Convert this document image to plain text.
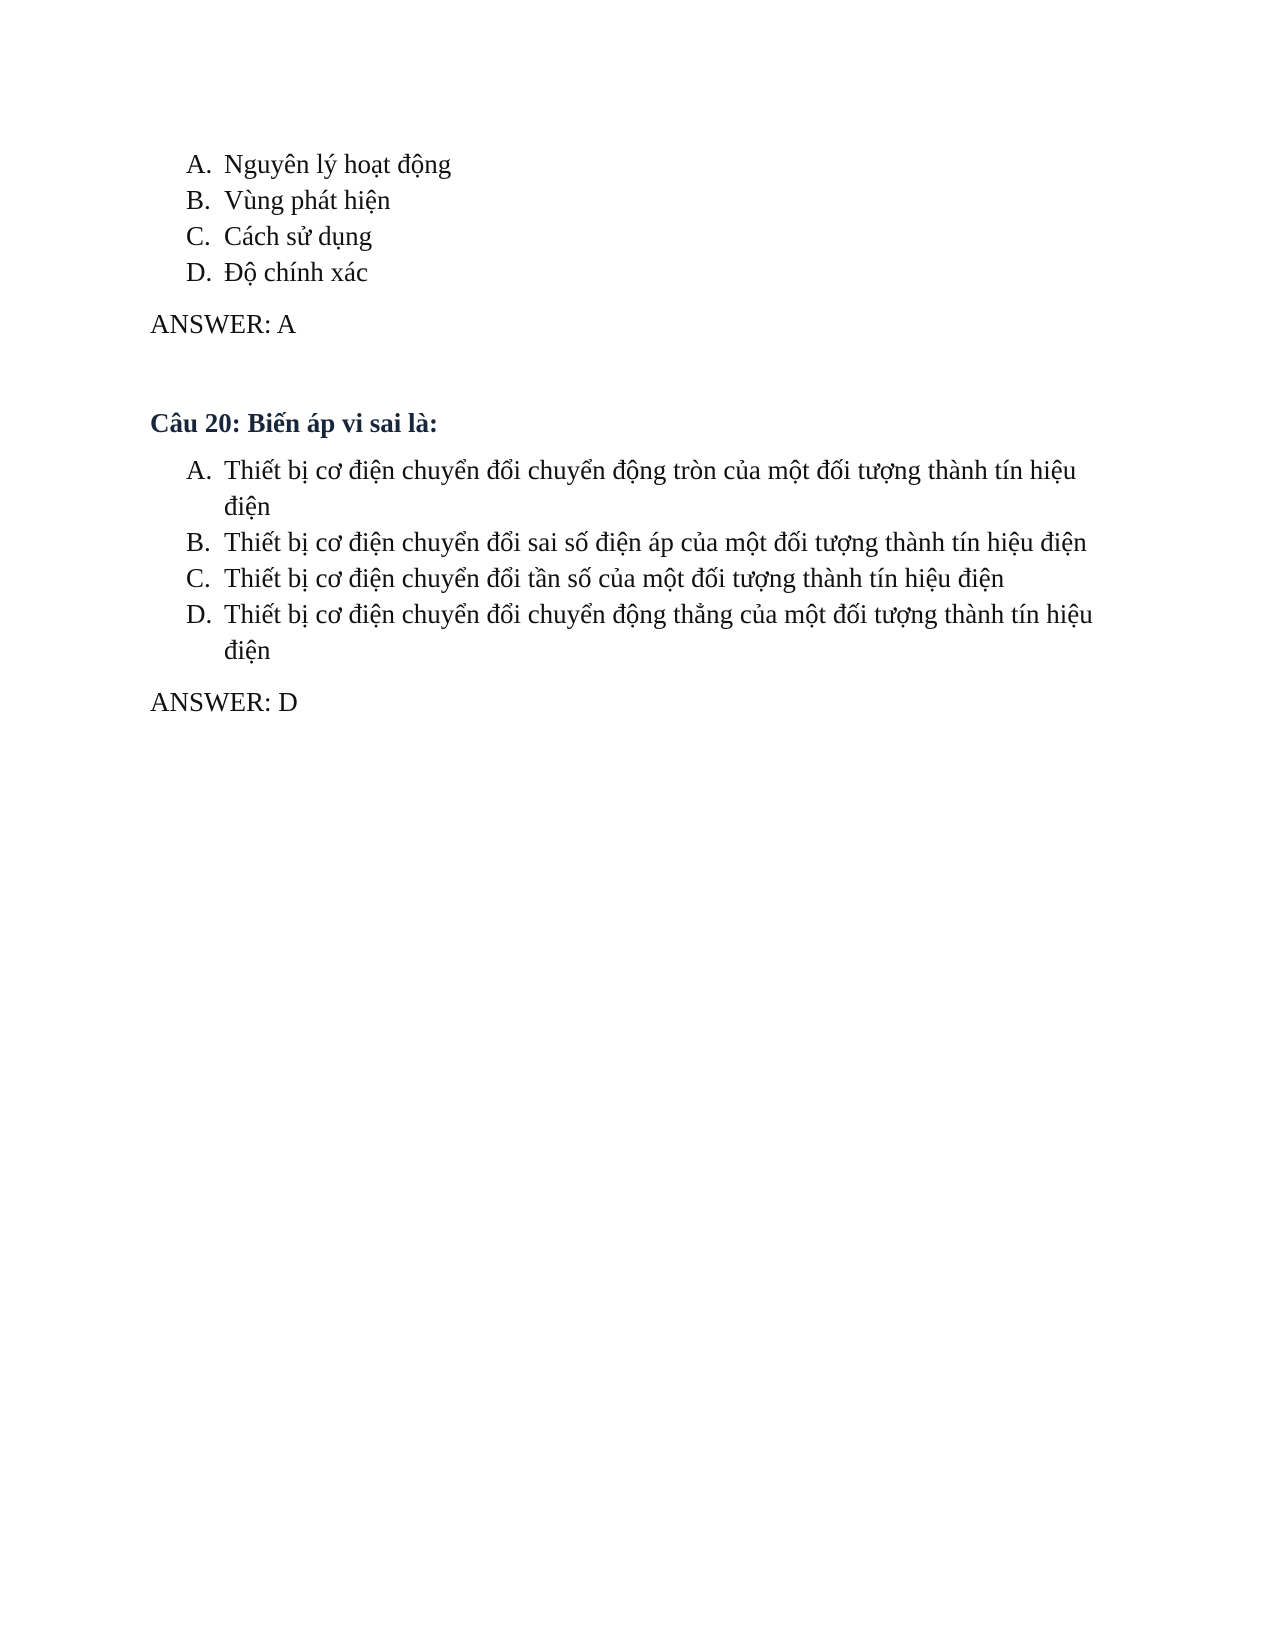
A. Nguyên lý hoạt động
B. Vùng phát hiện
C. Cách sử dụng
D. Độ chính xác
ANSWER: A
Câu 20: Biến áp vi sai là:
A. Thiết bị cơ điện chuyển đổi chuyển động tròn của một đối tượng thành tín hiệu điện
B. Thiết bị cơ điện chuyển đổi sai số điện áp của một đối tượng thành tín hiệu điện
C. Thiết bị cơ điện chuyển đổi tần số của một đối tượng thành tín hiệu điện
D. Thiết bị cơ điện chuyển đổi chuyển động thẳng của một đối tượng thành tín hiệu điện
ANSWER: D
